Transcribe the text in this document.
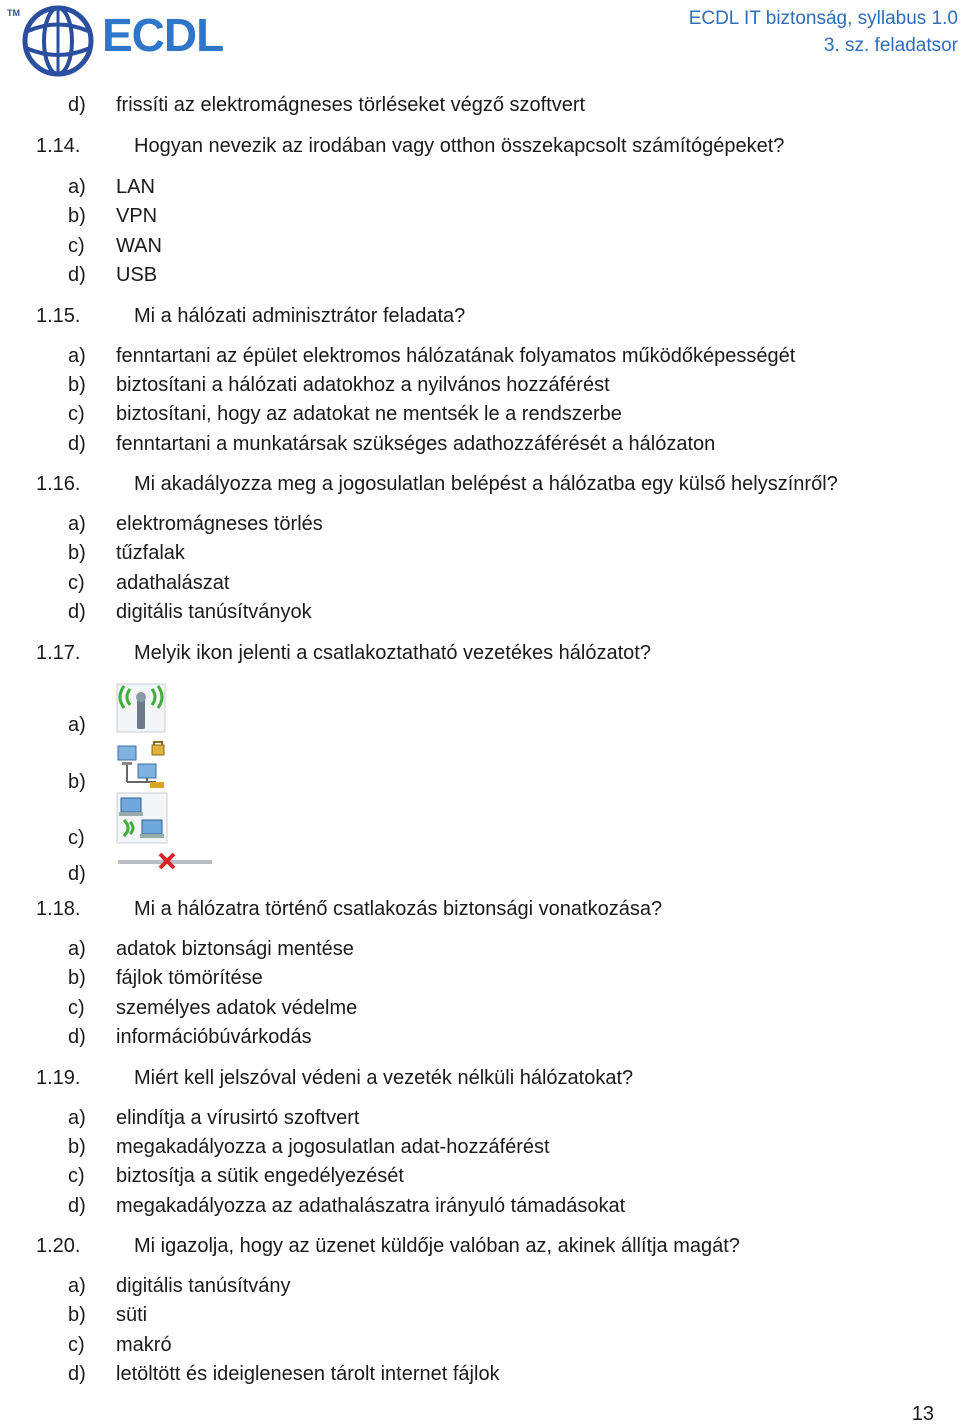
TM ECDL	ECDL IT biztonság, syllabus 1.0
3. sz. feladatsor
d) frissíti az elektromágneses törléseket végző szoftvert
1.14.	Hogyan nevezik az irodában vagy otthon összekapcsolt számítógépeket?
a) LAN
b) VPN
c) WAN
d) USB
1.15.	Mi a hálózati adminisztrátor feladata?
a) fenntartani az épület elektromos hálózatának folyamatos működőképességét
b) biztosítani a hálózati adatokhoz a nyilvános hozzáférést
c) biztosítani, hogy az adatokat ne mentsék le a rendszerbe
d) fenntartani a munkatársak szükséges adathozzáférését a hálózaton
1.16.	Mi akadályozza meg a jogosulatlan belépést a hálózatba egy külső helyszínről?
a) elektromágneses törlés
b) tűzfalak
c) adathalászat
d) digitális tanúsítványok
1.17.	Melyik ikon jelenti a csatlakoztatható vezetékes hálózatot?
a)
b)
c)
d)
1.18.	Mi a hálózatra történő csatlakozás biztonsági vonatkozása?
a) adatok biztonsági mentése
b) fájlok tömörítése
c) személyes adatok védelme
d) információbúvárkodás
1.19.	Miért kell jelszóval védeni a vezeték nélküli hálózatokat?
a) elindítja a vírusirtó szoftvert
b) megakadályozza a jogosulatlan adat-hozzáférést
c) biztosítja a sütik engedélyezését
d) megakadályozza az adathalászatra irányuló támadásokat
1.20.	Mi igazolja, hogy az üzenet küldője valóban az, akinek állítja magát?
a) digitális tanúsítvány
b) süti
c) makró
d) letöltött és ideiglenesen tárolt internet fájlok
13
